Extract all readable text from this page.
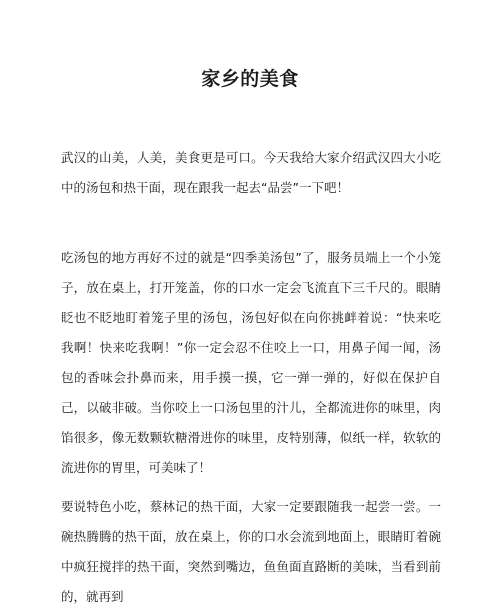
家乡的美食

武汉的山美，人美，美食更是可口。今天我给大家介绍武汉四大小吃中的汤包和热干面，现在跟我一起去“品尝”一下吧！

吃汤包的地方再好不过的就是“四季美汤包”了，服务员端上一个小笼子，放在桌上，打开笼盖，你的口水一定会飞流直下三千尺的。眼睛眨也不眨地盯着笼子里的汤包，汤包好似在向你挑衅着说：“快来吃我啊！快来吃我啊！”你一定会忍不住咬上一口，用鼻子闻一闻，汤包的香味会扑鼻而来，用手摸一摸，它一弹一弹的，好似在保护自己，以破非破。当你咬上一口汤包里的汁儿，全都流进你的味里，肉馅很多，像无数颗软糖滑进你的味里，皮特别薄，似纸一样，软软的流进你的胃里，可美味了！

要说特色小吃，蔡林记的热干面，大家一定要跟随我一起尝一尝。一碗热腾腾的热干面，放在桌上，你的口水会流到地面上，眼睛盯着碗中疯狂搅拌的热干面，突然到嘴边，鱼鱼面直路断的美味，当看到前的，就再到
